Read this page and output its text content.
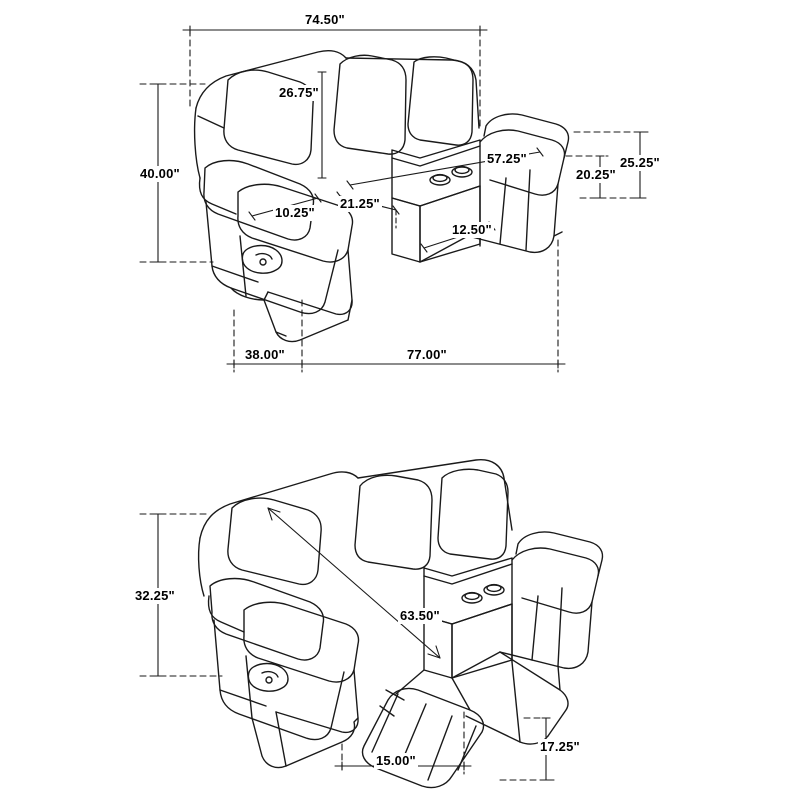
74.50"
26.75"
40.00"
57.25"	25.25"
20.25"
10.25"
21.25"
12.50"
38.00"	77.00"
32.25"
63.50"
15.00"
17.25"
